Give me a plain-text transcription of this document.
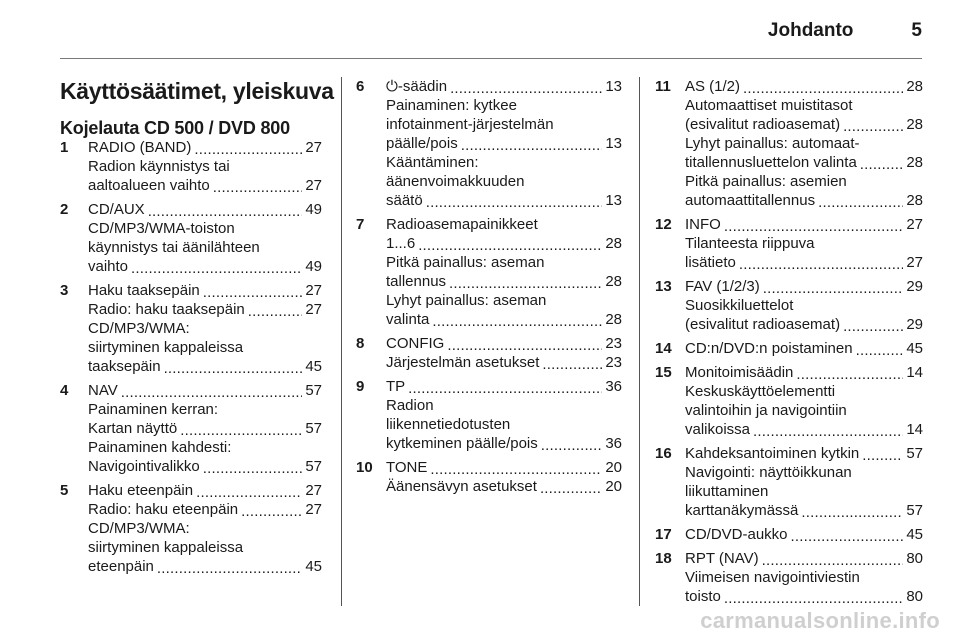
Johdanto	5
Käyttösäätimet, yleiskuva
Kojelauta CD 500 / DVD 800
1	RADIO (BAND) .....	27
Radion käynnistys tai
aaltoalueen vaihto .....	27
2	CD/AUX .....	49
CD/MP3/WMA-toiston
käynnistys tai äänilähteen
vaihto .....	49
3	Haku taaksepäin .....	27
Radio: haku taaksepäin .....	27
CD/MP3/WMA:
siirtyminen kappaleissa
taaksepäin .....	45
4	NAV .....	57
Painaminen kerran:
Kartan näyttö .....	57
Painaminen kahdesti:
Navigointivalikko .....	57
5	Haku eteenpäin .....	27
Radio: haku eteenpäin .....	27
CD/MP3/WMA:
siirtyminen kappaleissa
eteenpäin .....	45
6	⏻-säädin .....	13
Painaminen: kytkee
infotainment-järjestelmän
päälle/pois .....	13
Kääntäminen:
äänenvoimakkuuden
säätö .....	13
7	Radioasemapainikkeet
1...6 .....	28
Pitkä painallus: aseman
tallennus .....	28
Lyhyt painallus: aseman
valinta .....	28
8	CONFIG .....	23
Järjestelmän asetukset .....	23
9	TP .....	36
Radion
liikennetiedotusten
kytkeminen päälle/pois .....	36
10 TONE .....	20
Äänensävyn asetukset .....	20
11 AS (1/2) .....	28
Automaattiset muistitasot
(esivalitut radioasemat) .....	28
Lyhyt painallus: automaat-
titallennusluettelon valinta .....	28
Pitkä painallus: asemien
automaattitallennus .....	28
12 INFO .....	27
Tilanteesta riippuva
lisätieto .....	27
13 FAV (1/2/3) .....	29
Suosikkiluettelot
(esivalitut radioasemat) .....	29
14 CD:n/DVD:n poistaminen .....	45
15 Monitoimisäädin .....	14
Keskuskäyttöelementti
valintoihin ja navigointiin
valikoissa .....	14
16 Kahdeksantoiminen kytkin .....	57
Navigointi: näyttöikkunan
liikuttaminen
karttanäkymässä .....	57
17 CD/DVD-aukko .....	45
18 RPT (NAV) .....	80
Viimeisen navigointiviestin
toisto .....	80
carmanualsonline.info
